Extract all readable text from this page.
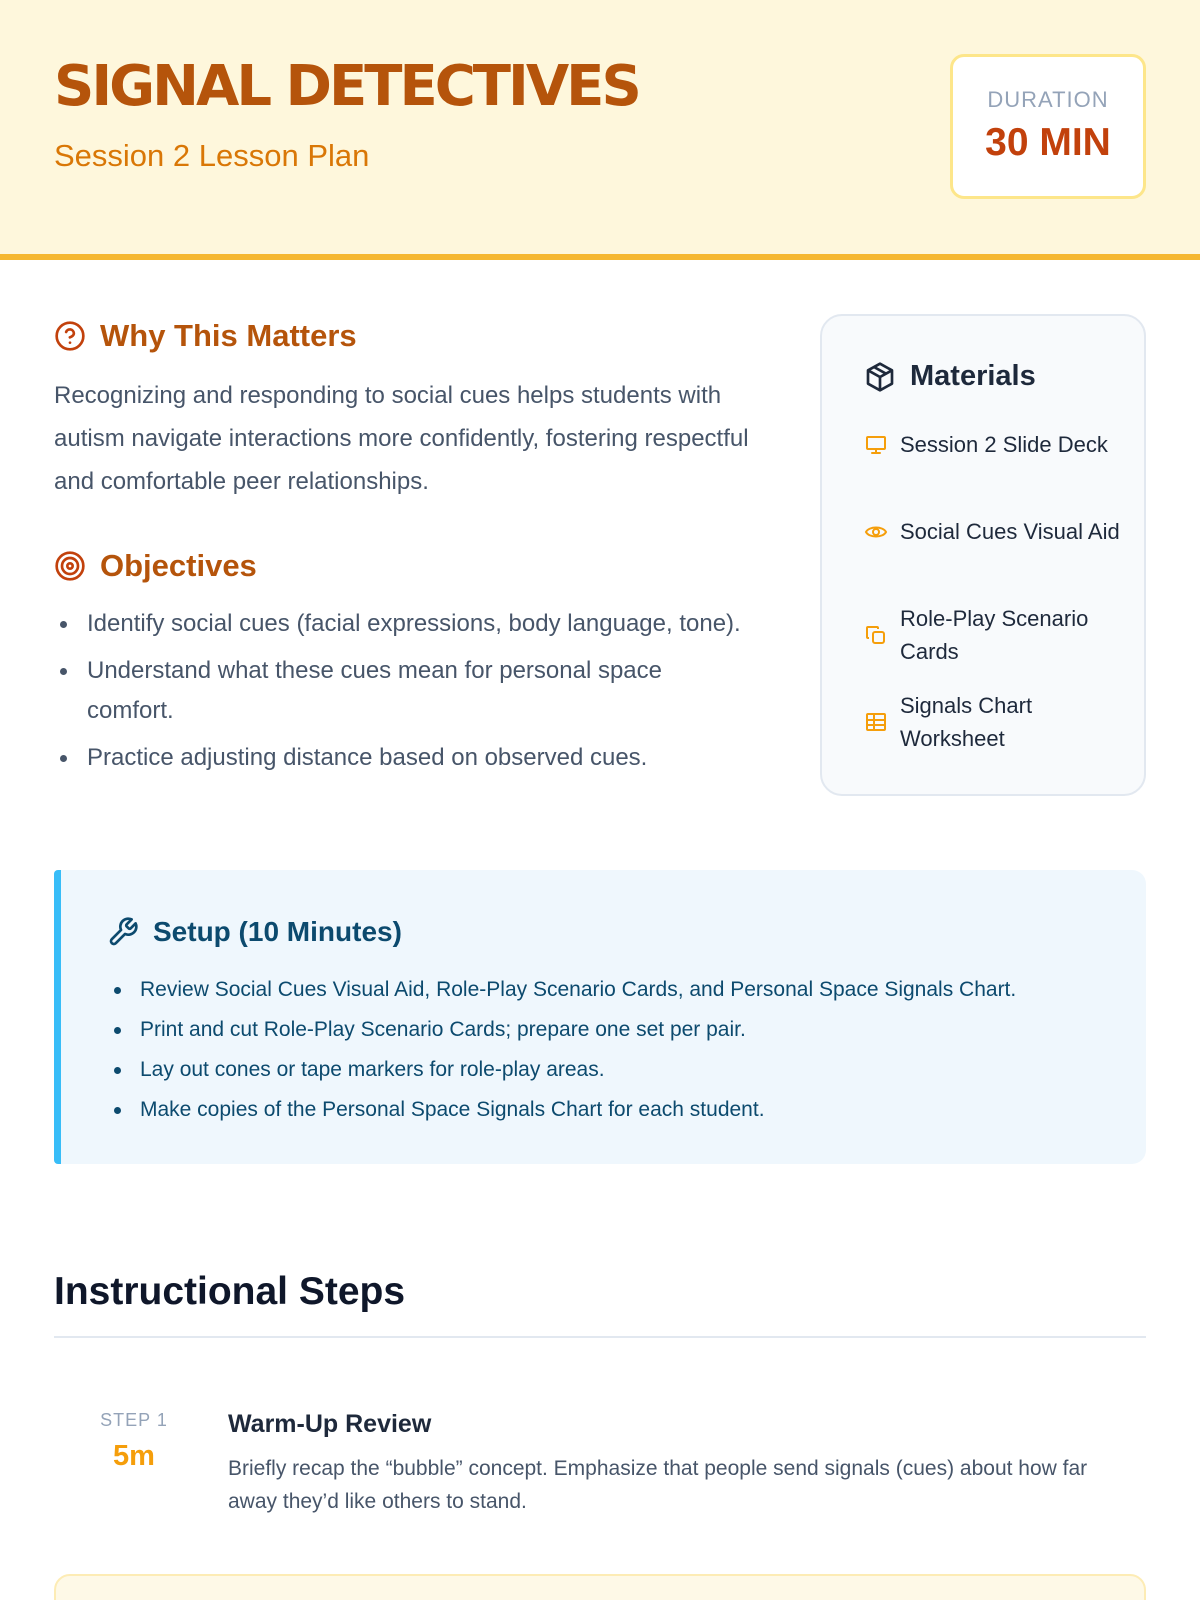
SIGNAL DETECTIVES
Session 2 Lesson Plan
DURATION
30 MIN
Why This Matters

Recognizing and responding to social cues helps students with autism navigate interactions more confidently, fostering respectful and comfortable peer relationships.

Objectives
Identify social cues (facial expressions, body language, tone).
Understand what these cues mean for personal space comfort.
Practice adjusting distance based on observed cues.
Materials
Session 2 Slide Deck
Social Cues Visual Aid
Role-Play Scenario Cards
Signals Chart Worksheet
Setup (10 Minutes)
Review Social Cues Visual Aid, Role-Play Scenario Cards, and Personal Space Signals Chart.
Print and cut Role-Play Scenario Cards; prepare one set per pair.
Lay out cones or tape markers for role-play areas.
Make copies of the Personal Space Signals Chart for each student.
Instructional Steps
STEP 1
5m
Warm-Up Review

Briefly recap the “bubble” concept. Emphasize that people send signals (cues) about how far away they’d like others to stand.
